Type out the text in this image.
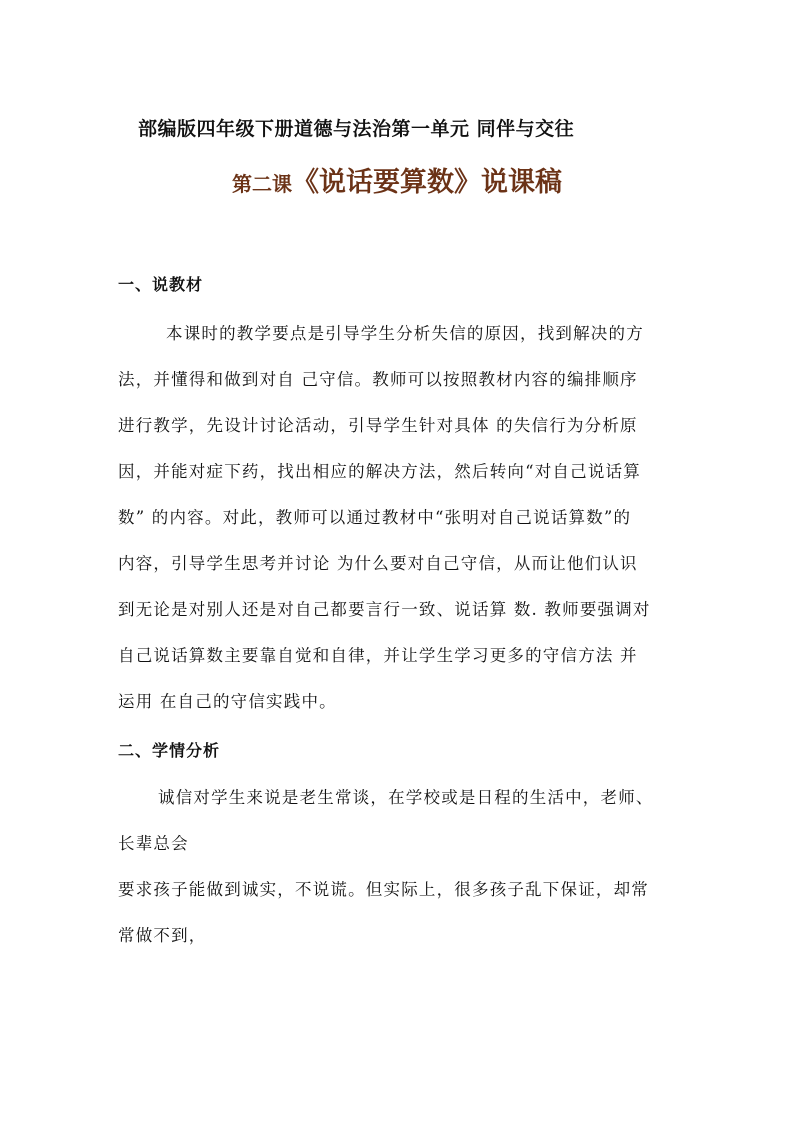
部编版四年级下册道德与法治第一单元 同伴与交往
第二课《说话要算数》说课稿
一、说教材
本课时的教学要点是引导学生分析失信的原因，找到解决的方
法，并懂得和做到对自 己守信。教师可以按照教材内容的编排顺序
进行教学，先设计讨论活动，引导学生针对具体 的失信行为分析原
因，并能对症下药，找出相应的解决方法，然后转向“对自己说话算
数” 的内容。对此，教师可以通过教材中“张明对自己说话算数”的
内容，引导学生思考并讨论 为什么要对自己守信，从而让他们认识
到无论是对别人还是对自己都要言行一致、说话算 数. 教师要强调对
自己说话算数主要靠自觉和自律，并让学生学习更多的守信方法 并
运用 在自己的守信实践中。
二、学情分析
诚信对学生来说是老生常谈，在学校或是日程的生活中，老师、
长辈总会
要求孩子能做到诚实，不说谎。但实际上，很多孩子乱下保证，却常
常做不到，
